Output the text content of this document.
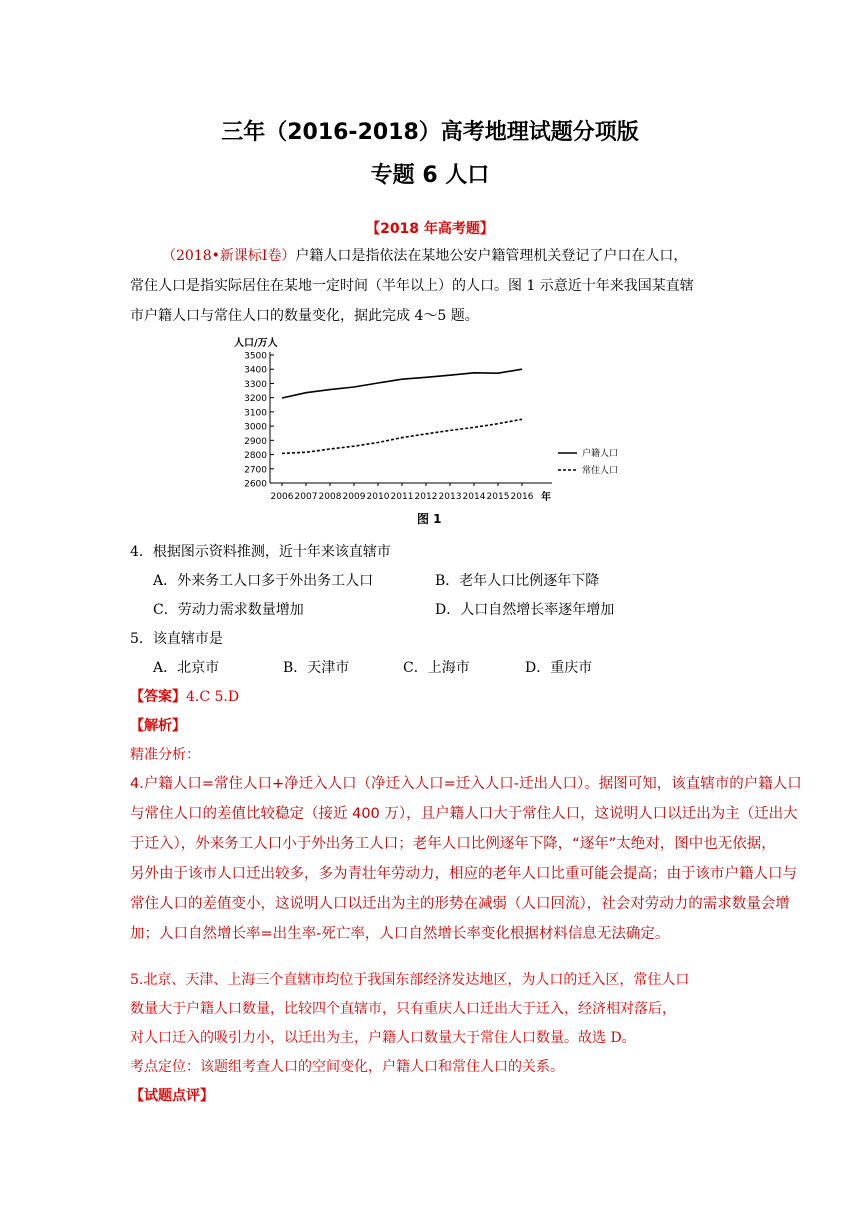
三年（2016-2018）高考地理试题分项版
专题 6 人口
【2018 年高考题】
（2018•新课标Ⅰ卷）户籍人口是指依法在某地公安户籍管理机关登记了户口在人口，
常住人口是指实际居住在某地一定时间（半年以上）的人口。图 1 示意近十年来我国某直辖
市户籍人口与常住人口的数量变化，据此完成 4～5 题。
人口/万人
3500
3400
3300
3200
3100
3000
2900
2800
2700
2600
2006 2007 2008 2009 2010 2011 2012 2013 2014 2015 2016 年
户籍人口
常住人口
图 1
4．根据图示资料推测，近十年来该直辖市
A．外来务工人口多于外出务工人口	B．老年人口比例逐年下降
C．劳动力需求数量增加	D．人口自然增长率逐年增加
5．该直辖市是
A．北京市	B．天津市	C．上海市	D．重庆市
【答案】4.C 5.D
【解析】
精准分析：
4.户籍人口=常住人口+净迁入人口（净迁入人口=迁入人口-迁出人口）。据图可知，该直辖市的户籍人口
与常住人口的差值比较稳定（接近 400 万），且户籍人口大于常住人口，这说明人口以迁出为主（迁出大
于迁入），外来务工人口小于外出务工人口；老年人口比例逐年下降，“逐年”太绝对，图中也无依据，
另外由于该市人口迁出较多，多为青壮年劳动力，相应的老年人口比重可能会提高；由于该市户籍人口与
常住人口的差值变小，这说明人口以迁出为主的形势在减弱（人口回流），社会对劳动力的需求数量会增
加；人口自然增长率=出生率-死亡率，人口自然增长率变化根据材料信息无法确定。
5.北京、天津、上海三个直辖市均位于我国东部经济发达地区，为人口的迁入区，常住人口
数量大于户籍人口数量，比较四个直辖市，只有重庆人口迁出大于迁入，经济相对落后，
对人口迁入的吸引力小，以迁出为主，户籍人口数量大于常住人口数量。故选 D。
考点定位：该题组考查人口的空间变化，户籍人口和常住人口的关系。
【试题点评】
